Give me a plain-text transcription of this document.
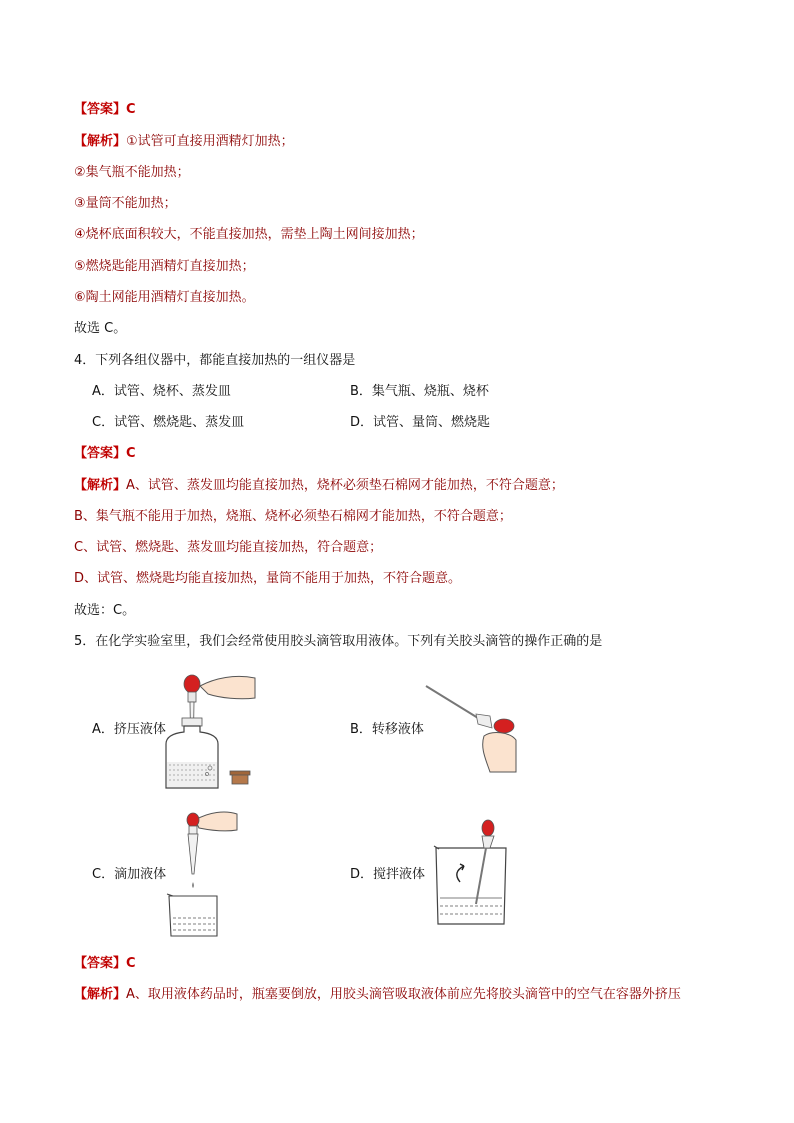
【答案】C
【解析】①试管可直接用酒精灯加热；
②集气瓶不能加热；
③量筒不能加热；
④烧杯底面积较大，不能直接加热，需垫上陶土网间接加热；
⑤燃烧匙能用酒精灯直接加热；
⑥陶土网能用酒精灯直接加热。
故选 C。
4．下列各组仪器中，都能直接加热的一组仪器是
A．试管、烧杯、蒸发皿	B．集气瓶、烧瓶、烧杯
C．试管、燃烧匙、蒸发皿	D．试管、量筒、燃烧匙
【答案】C
【解析】A、试管、蒸发皿均能直接加热，烧杯必须垫石棉网才能加热，不符合题意；
B、集气瓶不能用于加热，烧瓶、烧杯必须垫石棉网才能加热，不符合题意；
C、试管、燃烧匙、蒸发皿均能直接加热，符合题意；
D、试管、燃烧匙均能直接加热，量筒不能用于加热，不符合题意。
故选：C。
5．在化学实验室里，我们会经常使用胶头滴管取用液体。下列有关胶头滴管的操作正确的是
A．挤压液体	B．转移液体
C．滴加液体	D．搅拌液体
【答案】C
【解析】A、取用液体药品时，瓶塞要倒放，用胶头滴管吸取液体前应先将胶头滴管中的空气在容器外挤压
